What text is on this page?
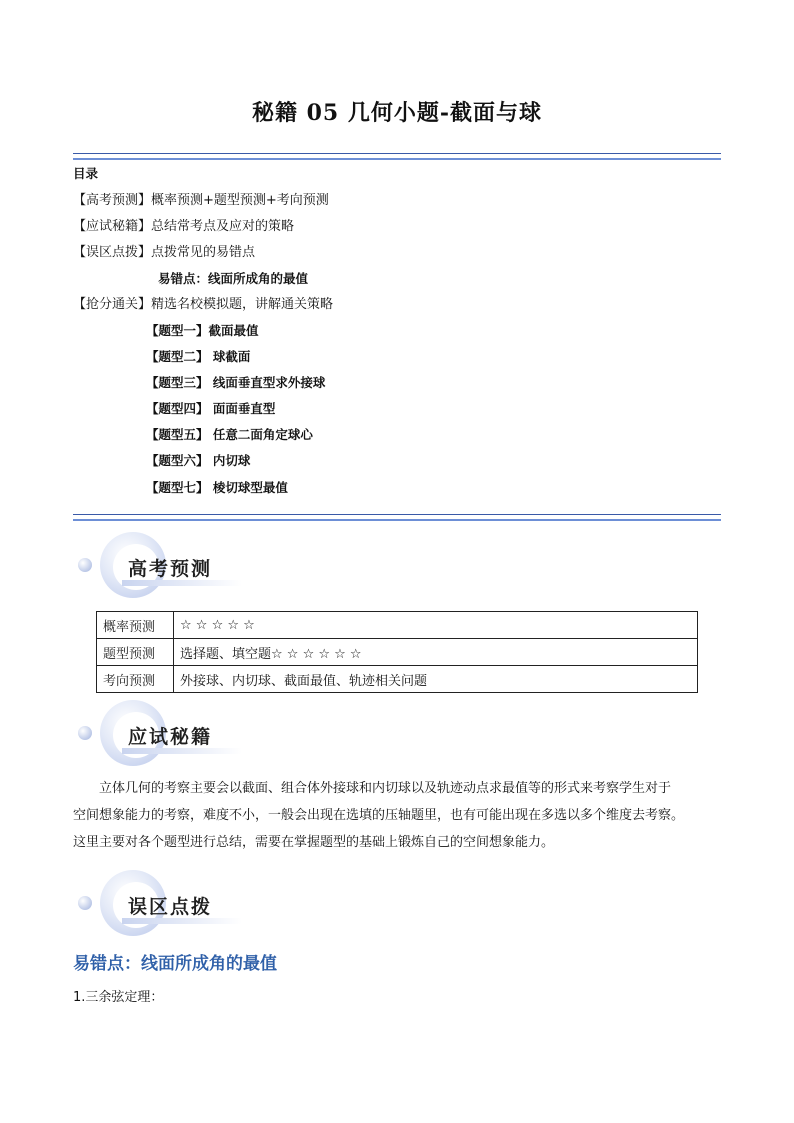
秘籍 05 几何小题-截面与球
目录
【高考预测】概率预测+题型预测+考向预测
【应试秘籍】总结常考点及应对的策略
【误区点拨】点拨常见的易错点
易错点：线面所成角的最值
【抢分通关】精选名校模拟题，讲解通关策略
【题型一】截面最值
【题型二】 球截面
【题型三】 线面垂直型求外接球
【题型四】 面面垂直型
【题型五】 任意二面角定球心
【题型六】 内切球
【题型七】 棱切球型最值
高考预测
概率预测	☆ ☆ ☆ ☆ ☆
题型预测	选择题、填空题☆ ☆ ☆ ☆ ☆ ☆
考向预测	外接球、内切球、截面最值、轨迹相关问题
应试秘籍
立体几何的考察主要会以截面、组合体外接球和内切球以及轨迹动点求最值等的形式来考察学生对于
空间想象能力的考察，难度不小，一般会出现在选填的压轴题里，也有可能出现在多选以多个维度去考察。
这里主要对各个题型进行总结，需要在掌握题型的基础上锻炼自己的空间想象能力。
误区点拨
易错点：线面所成角的最值
1.三余弦定理：
